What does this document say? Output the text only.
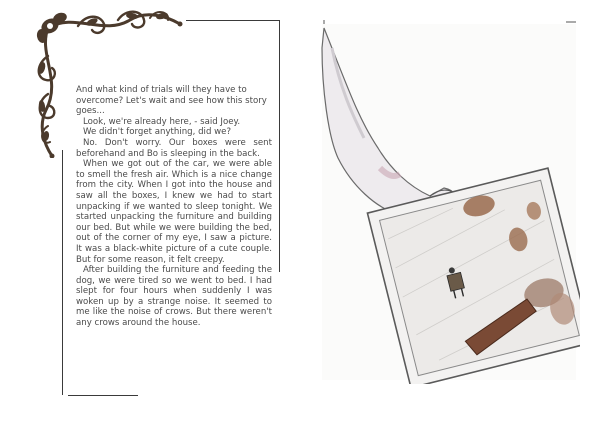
And what kind of trials will they have to overcome? Let's wait and see how this story goes...

Look, we're already here, - said Joey.

We didn't forget anything, did we?

No. Don't worry. Our boxes were sent beforehand and Bo is sleeping in the back.

When we got out of the car, we were able to smell the fresh air. Which is a nice change from the city. When I got into the house and saw all the boxes, I knew we had to start unpacking if we wanted to sleep tonight. We started unpacking the furniture and building our bed. But while we were building the bed, out of the corner of my eye, I saw a picture. It was a black-white picture of a cute couple. But for some reason, it felt creepy.

After building the furniture and feeding the dog, we were tired so we went to bed. I had slept for four hours when suddenly I was woken up by a strange noise. It seemed to me like the noise of crows. But there weren't any crows around the house.
